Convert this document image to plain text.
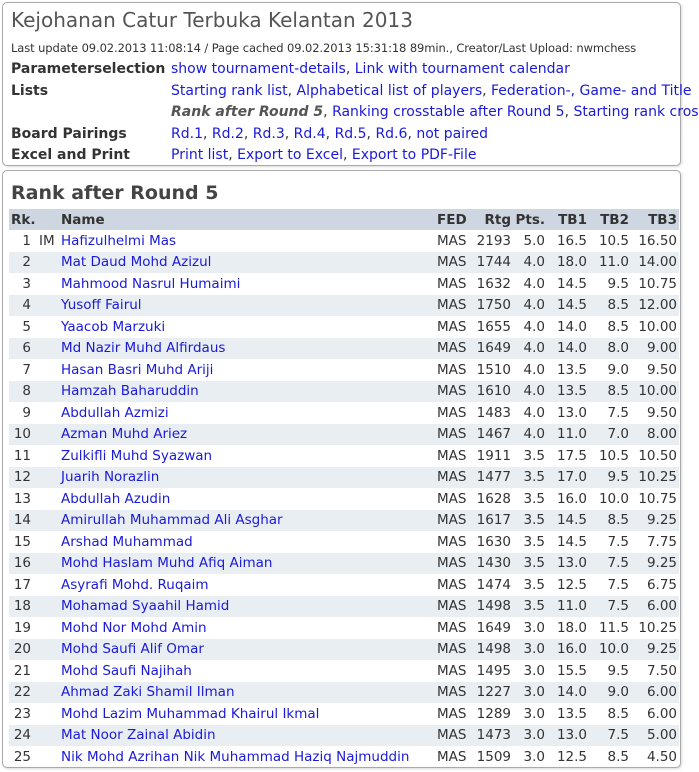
Kejohanan Catur Terbuka Kelantan 2013
Last update 09.02.2013 11:08:14 / Page cached 09.02.2013 15:31:18 89min., Creator/Last Upload: nwmchess
Parameterselection show tournament-details, Link with tournament calendar
Lists	Starting rank list, Alphabetical list of players, Federation-, Game- and Title
Rank after Round 5, Ranking crosstable after Round 5, Starting rank cros
Board Pairings	Rd.1, Rd.2, Rd.3, Rd.4, Rd.5, Rd.6, not paired
Excel and Print	Print list, Export to Excel, Export to PDF-File
Rank after Round 5
Rk.		Name	FED	Rtg	Pts.	TB1	TB2	TB3
1	IM	Hafizulhelmi Mas	MAS	2193	5.0	16.5	10.5	16.50
2		Mat Daud Mohd Azizul	MAS	1744	4.0	18.0	11.0	14.00
3		Mahmood Nasrul Humaimi	MAS	1632	4.0	14.5	9.5	10.75
4		Yusoff Fairul	MAS	1750	4.0	14.5	8.5	12.00
5		Yaacob Marzuki	MAS	1655	4.0	14.0	8.5	10.00
6		Md Nazir Muhd Alfirdaus	MAS	1649	4.0	14.0	8.0	9.00
7		Hasan Basri Muhd Ariji	MAS	1510	4.0	13.5	9.0	9.50
8		Hamzah Baharuddin	MAS	1610	4.0	13.5	8.5	10.00
9		Abdullah Azmizi	MAS	1483	4.0	13.0	7.5	9.50
10		Azman Muhd Ariez	MAS	1467	4.0	11.0	7.0	8.00
11		Zulkifli Muhd Syazwan	MAS	1911	3.5	17.5	10.5	10.50
12		Juarih Norazlin	MAS	1477	3.5	17.0	9.5	10.25
13		Abdullah Azudin	MAS	1628	3.5	16.0	10.0	10.75
14		Amirullah Muhammad Ali Asghar	MAS	1617	3.5	14.5	8.5	9.25
15		Arshad Muhammad	MAS	1630	3.5	14.5	7.5	7.75
16		Mohd Haslam Muhd Afiq Aiman	MAS	1430	3.5	13.0	7.5	9.25
17		Asyrafi Mohd. Ruqaim	MAS	1474	3.5	12.5	7.5	6.75
18		Mohamad Syaahil Hamid	MAS	1498	3.5	11.0	7.5	6.00
19		Mohd Nor Mohd Amin	MAS	1649	3.0	18.0	11.5	10.25
20		Mohd Saufi Alif Omar	MAS	1498	3.0	16.0	10.0	9.25
21		Mohd Saufi Najihah	MAS	1495	3.0	15.5	9.5	7.50
22		Ahmad Zaki Shamil Ilman	MAS	1227	3.0	14.0	9.0	6.00
23		Mohd Lazim Muhammad Khairul Ikmal	MAS	1289	3.0	13.5	8.5	6.00
24		Mat Noor Zainal Abidin	MAS	1473	3.0	13.0	7.5	5.00
25		Nik Mohd Azrihan Nik Muhammad Haziq Najmuddin	MAS	1509	3.0	12.5	8.5	4.50
